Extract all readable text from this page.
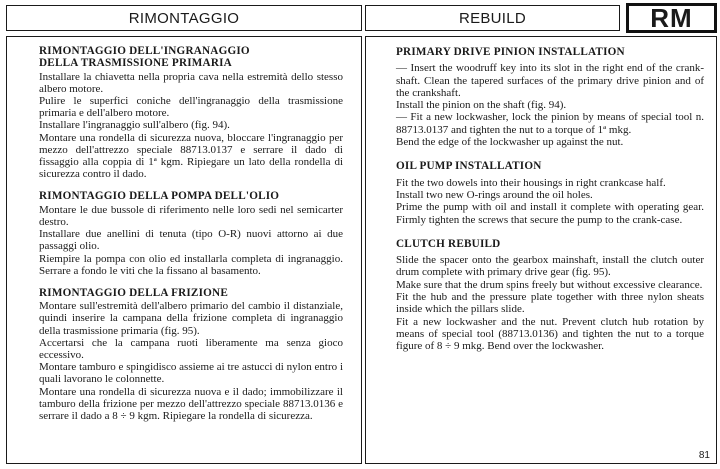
RIMONTAGGIO	REBUILD	RM
RIMONTAGGIO DELL'INGRANAGGIO
DELLA TRASMISSIONE PRIMARIA

Installare la chiavetta nella propria cava nella estremità dello stesso albero motore.

Pulire le superfici coniche dell'ingranaggio della trasmissione primaria e dell'albero motore.

Installare l'ingranaggio sull'albero (fig. 94).

Montare una rondella di sicurezza nuova, bloccare l'ingranaggio per mezzo dell'attrezzo speciale 88713.0137 e serrare il dado di fissaggio alla coppia di 1ª kgm. Ripiegare un lato della rondella di sicurezza contro il dado.

RIMONTAGGIO DELLA POMPA DELL'OLIO

Montare le due bussole di riferimento nelle loro sedi nel semicarter destro.

Installare due anellini di tenuta (tipo O-R) nuovi attorno ai due passaggi olio.

Riempire la pompa con olio ed installarla completa di ingranaggio. Serrare a fondo le viti che la fissano al basamento.

RIMONTAGGIO DELLA FRIZIONE

Montare sull'estremità dell'albero primario del cambio il distanziale, quindi inserire la campana della frizione completa di ingranaggio della trasmissione primaria (fig. 95).

Accertarsi che la campana ruoti liberamente ma senza gioco eccessivo.

Montare tamburo e spingidisco assieme ai tre astucci di nylon entro i quali lavorano le colonnette.

Montare una rondella di sicurezza nuova e il dado; immobilizzare il tamburo della frizione per mezzo dell'attrezzo speciale 88713.0136 e serrare il dado a 8 ÷ 9 kgm. Ripiegare la rondella di sicurezza.

PRIMARY DRIVE PINION INSTALLATION

— Insert the woodruff key into its slot in the right end of the crank-shaft. Clean the tapered surfaces of the primary drive pinion and of the crankshaft.

Install the pinion on the shaft (fig. 94).

— Fit a new lockwasher, lock the pinion by means of special tool n. 88713.0137 and tighten the nut to a torque of 1ª mkg.

Bend the edge of the lockwasher up against the nut.

OIL PUMP INSTALLATION

Fit the two dowels into their housings in right crankcase half.

Install two new O-rings around the oil holes.

Prime the pump with oil and install it complete with operating gear. Firmly tighten the screws that secure the pump to the crank-case.

CLUTCH REBUILD

Slide the spacer onto the gearbox mainshaft, install the clutch outer drum complete with primary drive gear (fig. 95).

Make sure that the drum spins freely but without excessive clearance.

Fit the hub and the pressure plate together with three nylon sheats inside which the pillars slide.

Fit a new lockwasher and the nut. Prevent clutch hub rotation by means of special tool (88713.0136) and tighten the nut to a torque figure of 8 ÷ 9 mkg. Bend over the lockwasher.

81
